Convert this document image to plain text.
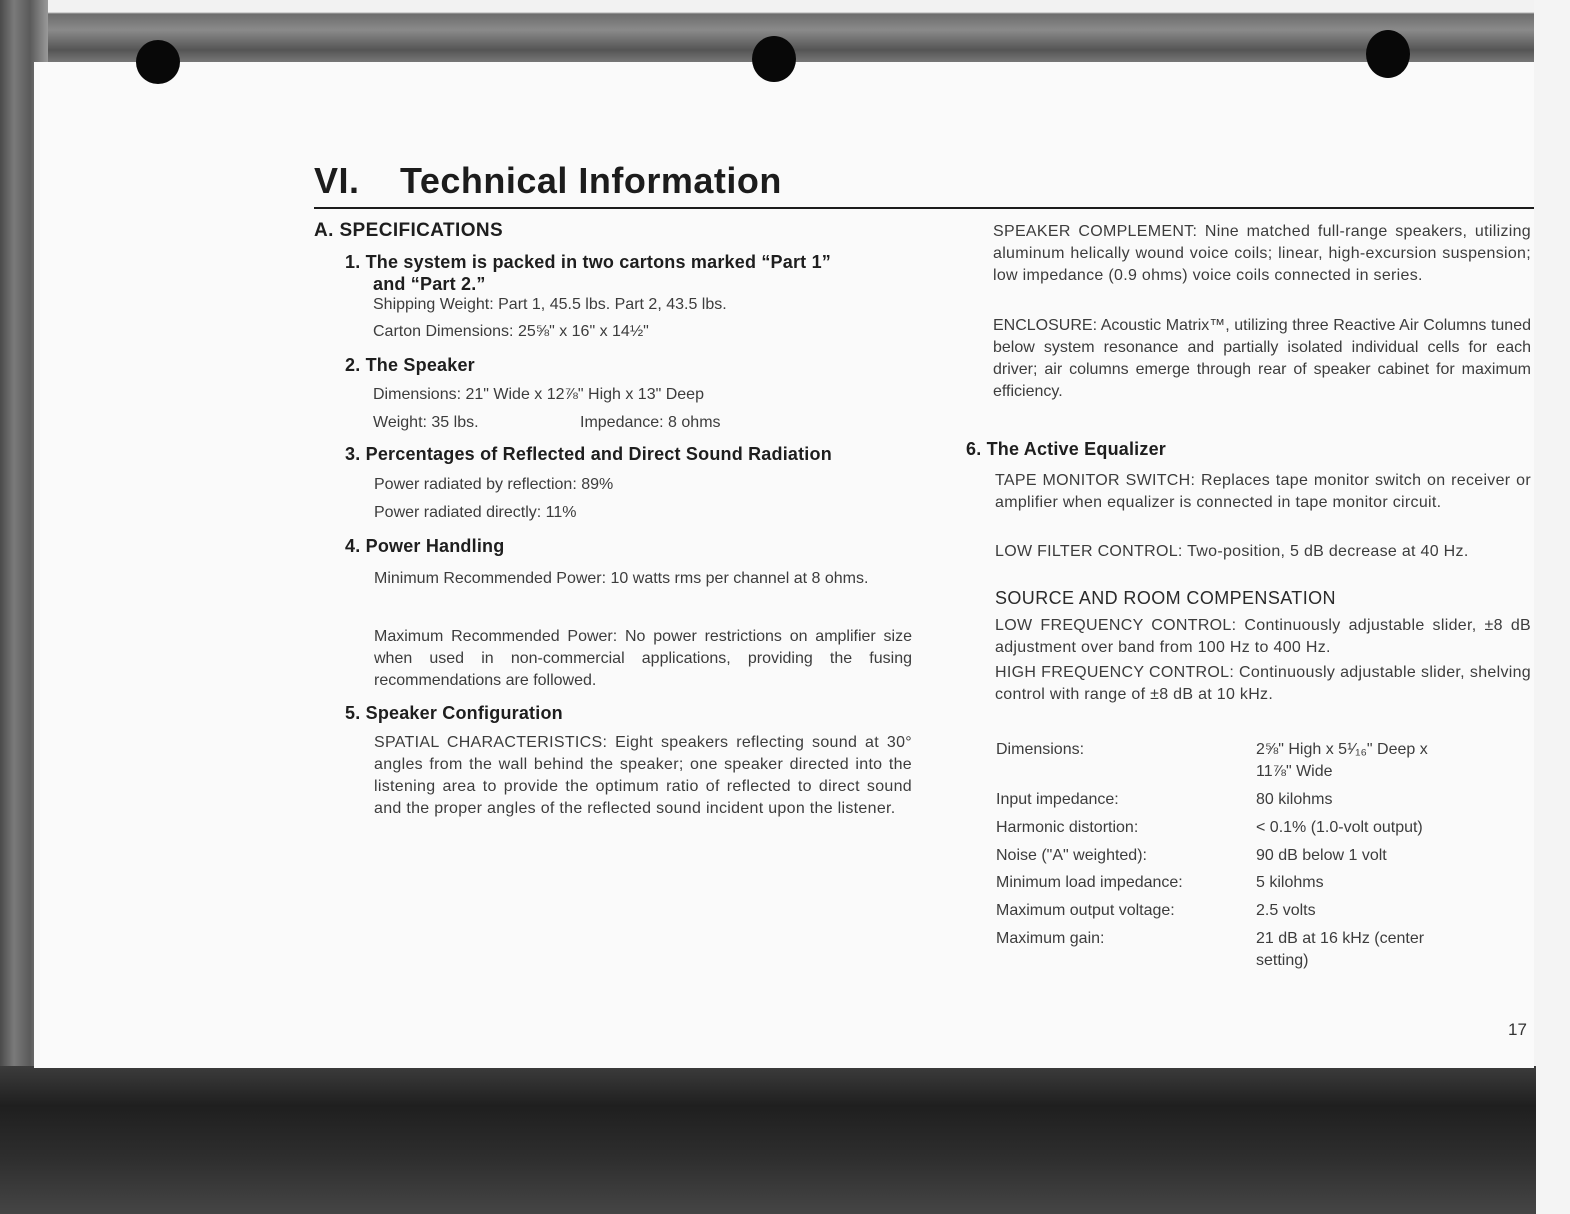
VI. Technical Information
A. SPECIFICATIONS
1. The system is packed in two cartons marked “Part 1”
and “Part 2.”
Shipping Weight: Part 1, 45.5 lbs. Part 2, 43.5 lbs.
Carton Dimensions: 25⅝" x 16" x 14½"
2. The Speaker
Dimensions: 21" Wide x 12⅞" High x 13" Deep
Weight: 35 lbs.	Impedance: 8 ohms
3. Percentages of Reflected and Direct Sound Radiation
Power radiated by reflection: 89%
Power radiated directly: 11%
4. Power Handling
Minimum Recommended Power: 10 watts rms per channel at 8 ohms.
Maximum Recommended Power: No power restrictions on amplifier size when used in non-commercial applications, providing the fusing recommendations are followed.
5. Speaker Configuration
SPATIAL CHARACTERISTICS: Eight speakers reflecting sound at 30° angles from the wall behind the speaker; one speaker directed into the listening area to provide the optimum ratio of reflected to direct sound and the proper angles of the reflected sound incident upon the listener.
SPEAKER COMPLEMENT: Nine matched full-range speakers, utilizing aluminum helically wound voice coils; linear, high-excursion suspension; low impedance (0.9 ohms) voice coils connected in series.
ENCLOSURE: Acoustic Matrix™, utilizing three Reactive Air Columns tuned below system resonance and partially isolated individual cells for each driver; air columns emerge through rear of speaker cabinet for maximum efficiency.
6. The Active Equalizer
TAPE MONITOR SWITCH: Replaces tape monitor switch on receiver or amplifier when equalizer is connected in tape monitor circuit.
LOW FILTER CONTROL: Two-position, 5 dB decrease at 40 Hz.
SOURCE AND ROOM COMPENSATION
LOW FREQUENCY CONTROL: Continuously adjustable slider, ±8 dB adjustment over band from 100 Hz to 400 Hz.
HIGH FREQUENCY CONTROL: Continuously adjustable slider, shelving control with range of ±8 dB at 10 kHz.
Dimensions:	2⅝" High x 5¹⁄₁₆" Deep x
11⅞" Wide
Input impedance:	80 kilohms
Harmonic distortion:	< 0.1% (1.0-volt output)
Noise ("A" weighted):	90 dB below 1 volt
Minimum load impedance:	5 kilohms
Maximum output voltage:	2.5 volts
Maximum gain:	21 dB at 16 kHz (center
setting)
17
